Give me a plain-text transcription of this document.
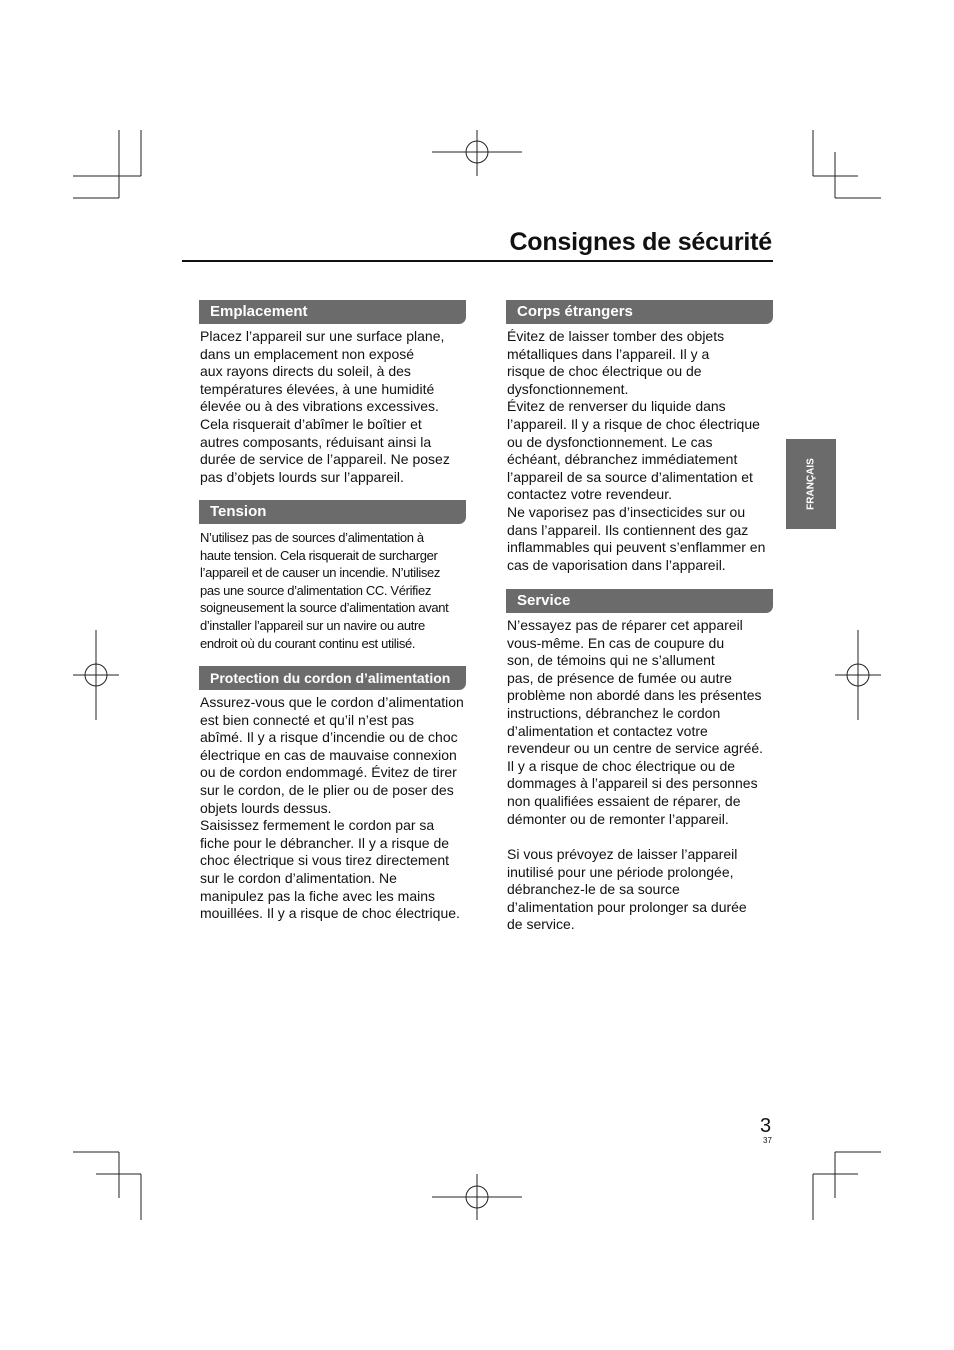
Consignes de sécurité
Emplacement
Placez l’appareil sur une surface plane,
dans un emplacement non exposé
aux rayons directs du soleil, à des
températures élevées, à une humidité
élevée ou à des vibrations excessives.
Cela risquerait d’abîmer le boîtier et
autres composants, réduisant ainsi la
durée de service de l’appareil. Ne posez
pas d’objets lourds sur l’appareil.
Tension
N’utilisez pas de sources d’alimentation à
haute tension. Cela risquerait de surcharger
l’appareil et de causer un incendie. N’utilisez
pas une source d’alimentation CC. Vérifiez
soigneusement la source d’alimentation avant
d’installer l’appareil sur un navire ou autre
endroit où du courant continu est utilisé.
Protection du cordon d’alimentation
Assurez-vous que le cordon d’alimentation
est bien connecté et qu’il n’est pas
abîmé. Il y a risque d’incendie ou de choc
électrique en cas de mauvaise connexion
ou de cordon endommagé. Évitez de tirer
sur le cordon, de le plier ou de poser des
objets lourds dessus.
Saisissez fermement le cordon par sa
fiche pour le débrancher. Il y a risque de
choc électrique si vous tirez directement
sur le cordon d’alimentation. Ne
manipulez pas la fiche avec les mains
mouillées. Il y a risque de choc électrique.
Corps étrangers
Évitez de laisser tomber des objets
métalliques dans l’appareil. Il y a
risque de choc électrique ou de
dysfonctionnement.
Évitez de renverser du liquide dans
l’appareil. Il y a risque de choc électrique
ou de dysfonctionnement. Le cas
échéant, débranchez immédiatement
l’appareil de sa source d’alimentation et
contactez votre revendeur.
Ne vaporisez pas d’insecticides sur ou
dans l’appareil. Ils contiennent des gaz
inflammables qui peuvent s’enflammer en
cas de vaporisation dans l’appareil.
Service
N’essayez pas de réparer cet appareil
vous-même. En cas de coupure du
son, de témoins qui ne s’allument
pas, de présence de fumée ou autre
problème non abordé dans les présentes
instructions, débranchez le cordon
d’alimentation et contactez votre
revendeur ou un centre de service agréé.
Il y a risque de choc électrique ou de
dommages à l’appareil si des personnes
non qualifiées essaient de réparer, de
démonter ou de remonter l’appareil.
Si vous prévoyez de laisser l’appareil
inutilisé pour une période prolongée,
débranchez-le de sa source
d’alimentation pour prolonger sa durée
de service.
FRANÇAIS
3
37
